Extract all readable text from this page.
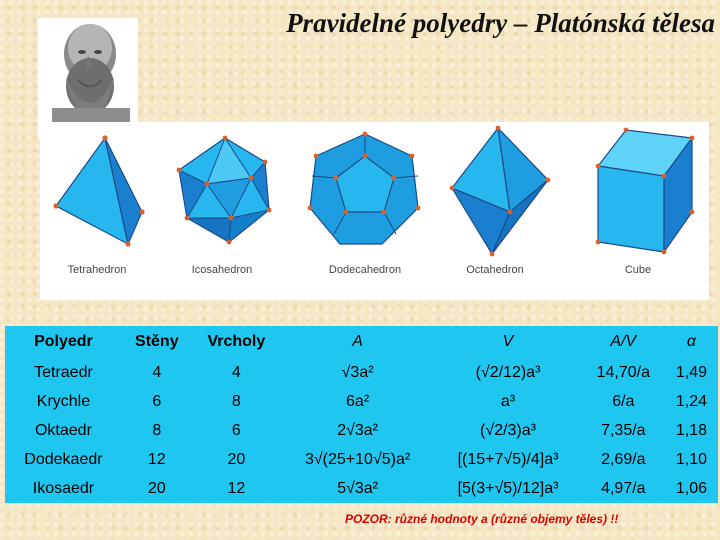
Pravidelné polyedry – Platónská tělesa
Tetrahedron	Icosahedron	Dodecahedron	Octahedron	Cube
Polyedr	Stěny	Vrcholy	A	V	A/V	α
Tetraedr	4	4	√3a²	(√2/12)a³	14,70/a	1,49
Krychle	6	8	6a²	a³	6/a	1,24
Oktaedr	8	6	2√3a²	(√2/3)a³	7,35/a	1,18
Dodekaedr	12	20	3√(25+10√5)a²	[(15+7√5)/4]a³	2,69/a	1,10
Ikosaedr	20	12	5√3a²	[5(3+√5)/12]a³	4,97/a	1,06
POZOR: různé hodnoty a (různé objemy těles) !!
